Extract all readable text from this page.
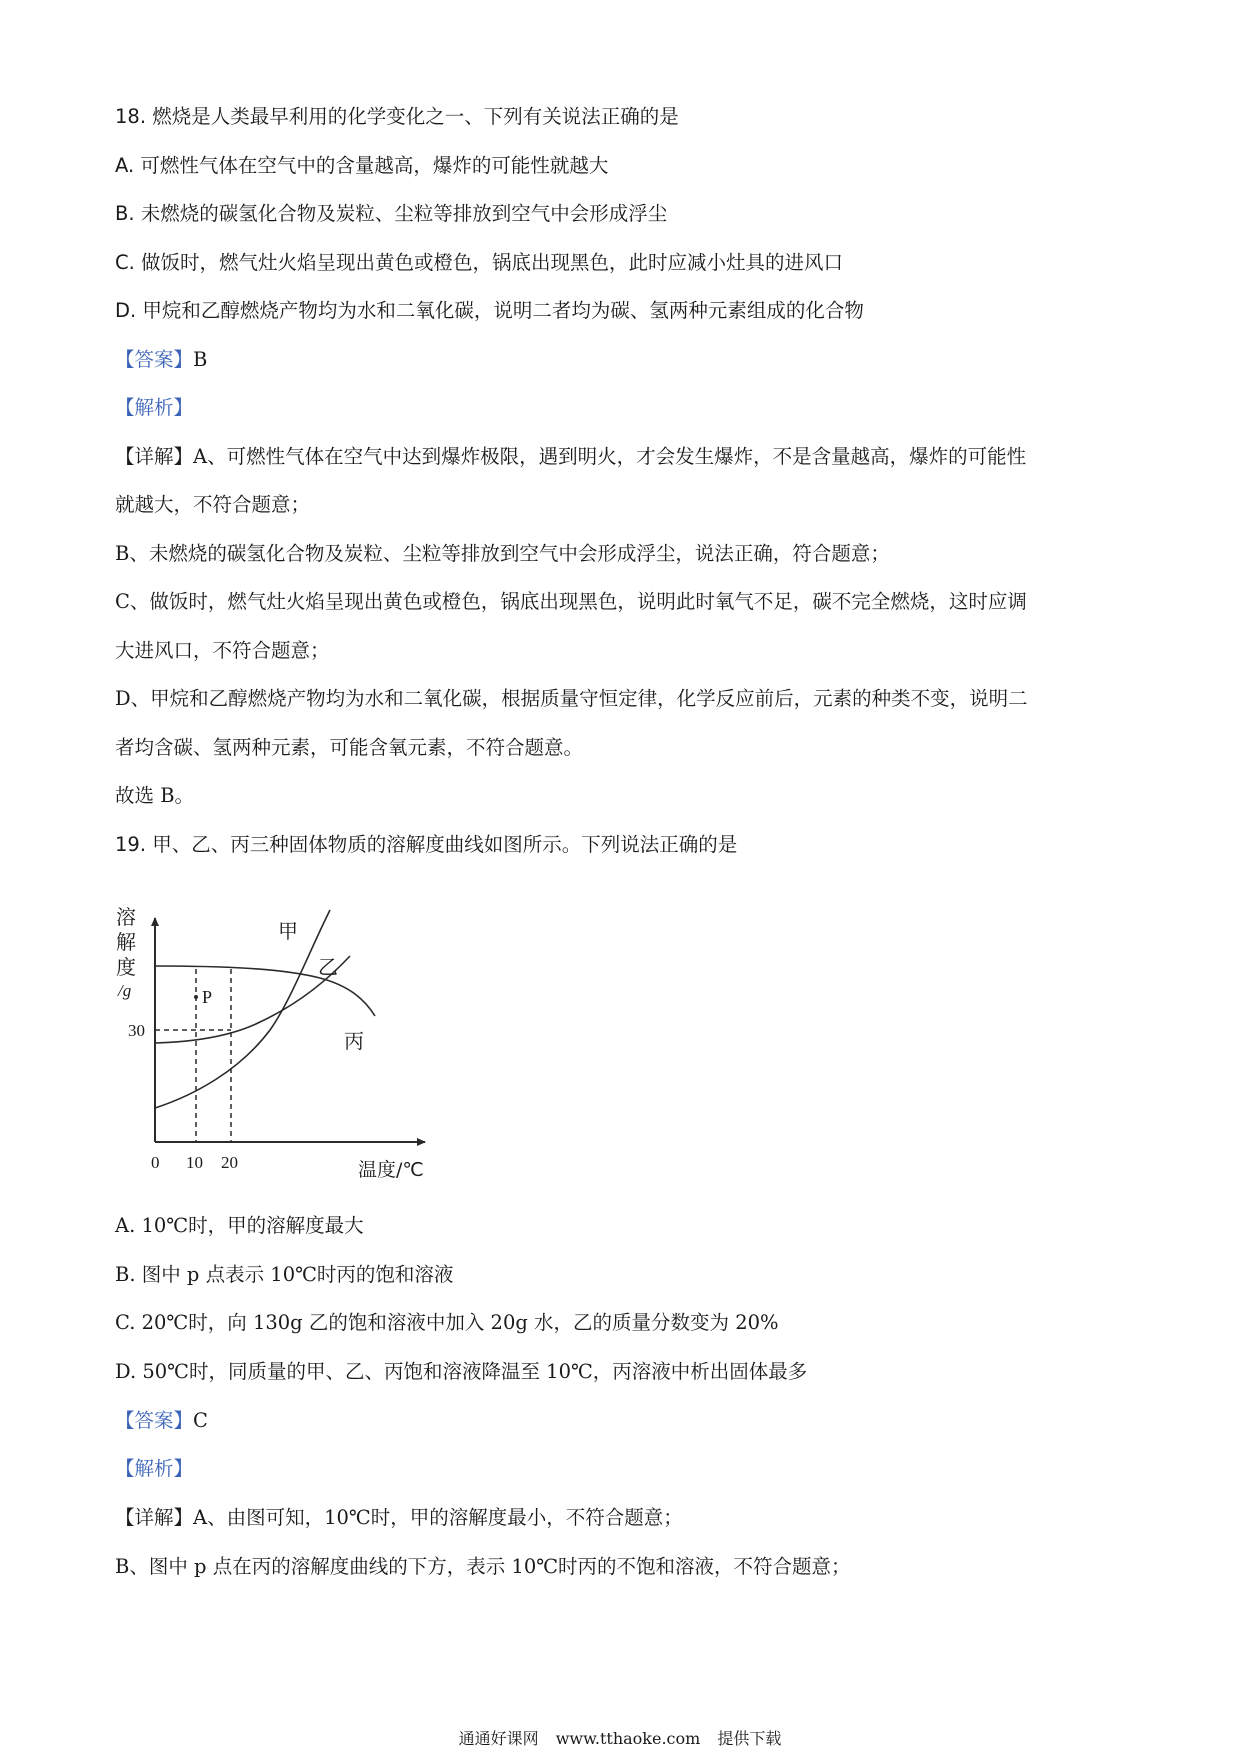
18. 燃烧是人类最早利用的化学变化之一、下列有关说法正确的是
A. 可燃性气体在空气中的含量越高，爆炸的可能性就越大
B. 未燃烧的碳氢化合物及炭粒、尘粒等排放到空气中会形成浮尘
C. 做饭时，燃气灶火焰呈现出黄色或橙色，锅底出现黑色，此时应减小灶具的进风口
D. 甲烷和乙醇燃烧产物均为水和二氧化碳，说明二者均为碳、氢两种元素组成的化合物
【答案】B
【解析】
【详解】A、可燃性气体在空气中达到爆炸极限，遇到明火，才会发生爆炸，不是含量越高，爆炸的可能性
就越大，不符合题意；
B、未燃烧的碳氢化合物及炭粒、尘粒等排放到空气中会形成浮尘，说法正确，符合题意；
C、做饭时，燃气灶火焰呈现出黄色或橙色，锅底出现黑色，说明此时氧气不足，碳不完全燃烧，这时应调
大进风口，不符合题意；
D、甲烷和乙醇燃烧产物均为水和二氧化碳，根据质量守恒定律，化学反应前后，元素的种类不变，说明二
者均含碳、氢两种元素，可能含氧元素，不符合题意。
故选 B。
19. 甲、乙、丙三种固体物质的溶解度曲线如图所示。下列说法正确的是
P
甲
乙
丙
溶
解
度
/g
30
0 10 20	温度/℃
A. 10℃时，甲的溶解度最大
B. 图中 p 点表示 10℃时丙的饱和溶液
C. 20℃时，向 130g 乙的饱和溶液中加入 20g 水，乙的质量分数变为 20%
D. 50℃时，同质量的甲、乙、丙饱和溶液降温至 10℃，丙溶液中析出固体最多
【答案】C
【解析】
【详解】A、由图可知，10℃时，甲的溶解度最小，不符合题意；
B、图中 p 点在丙的溶解度曲线的下方，表示 10℃时丙的不饱和溶液，不符合题意；
通通好课网 www.tthaoke.com 提供下载
